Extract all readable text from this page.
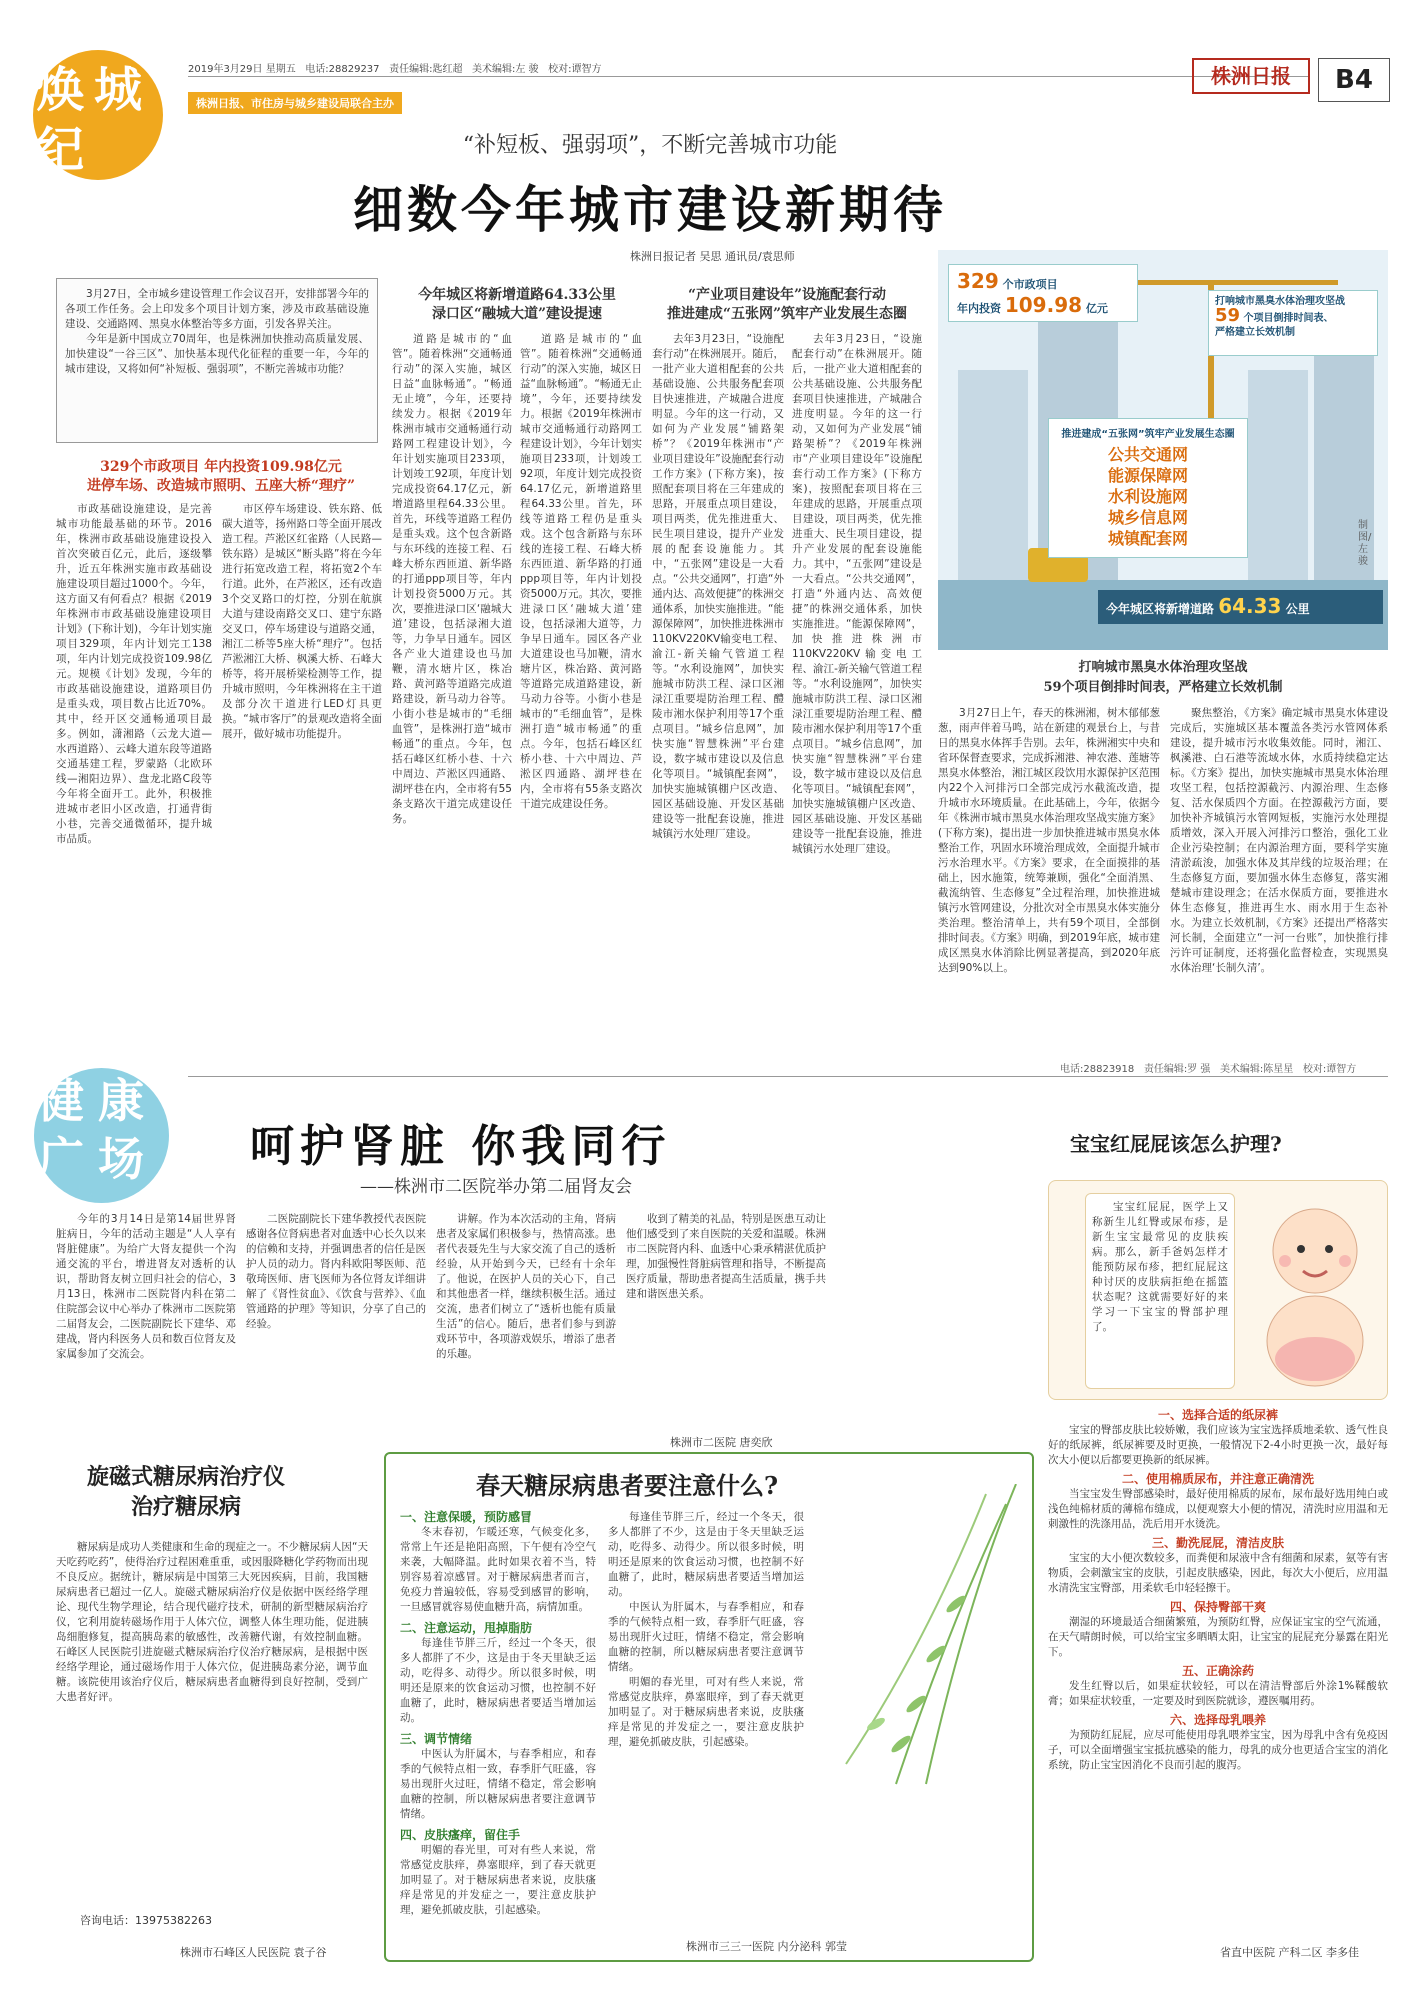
焕 城
纪
2019年3月29日 星期五 电话:28829237 责任编辑:匙红超 美术编辑:左 骏 校对:谭智方
株洲日报、市住房与城乡建设局联合主办
株洲日报	B4
“补短板、强弱项”，不断完善城市功能
细数今年城市建设新期待
株洲日报记者 吴思 通讯员/袁思师

3月27日，全市城乡建设管理工作会议召开，安排部署今年的各项工作任务。会上印发多个项目计划方案，涉及市政基础设施建设、交通路网、黑臭水体整治等多方面，引发各界关注。

今年是新中国成立70周年，也是株洲加快推动高质量发展、加快建设“一谷三区”、加快基本现代化征程的重要一年，今年的城市建设，又将如何“补短板、强弱项”，不断完善城市功能？

329个市政项目 年内投资109.98亿元
进停车场、改造城市照明、五座大桥“理疗”

市政基础设施建设，是完善城市功能最基础的环节。2016年，株洲市政基础设施建设投入首次突破百亿元，此后，逐级攀升，近五年株洲实施市政基础设施建设项目超过1000个。今年，这方面又有何看点？根据《2019年株洲市市政基础设施建设项目计划》(下称计划)，今年计划实施项目329项，年内计划完工138项，年内计划完成投资109.98亿元。规模《计划》发现，今年的市政基础设施建设，道路项目仍是重头戏，项目数占比近70%。其中，经开区交通畅通项目最多。例如，潇湘路（云龙大道—水西道路）、云峰大道东段等道路交通基建工程，罗蒙路（北欧环线—湘阳边界）、盘龙北路C段等今年将全面开工。此外，积极推进城市老旧小区改造，打通背街小巷，完善交通微循环，提升城市品质。

市区停车场建设、铁东路、低碳大道等，扬州路口等全面开展改造工程。芦淞区红雀路（人民路—铁东路）是城区“断头路”将在今年进行拓宽改造工程，将拓宽2个车行道。此外，在芦淞区，还有改造3个交叉路口的灯控，分别在航旗大道与建设南路交叉口、建宁东路交叉口，停车场建设与道路交通，湘江二桥等5座大桥“理疗”。包括芦淞湘江大桥、枫溪大桥、石峰大桥等，将开展桥梁检测等工作，提升城市照明，今年株洲将在主干道及部分次干道进行LED灯具更换。“城市客厅”的景观改造将全面展开，做好城市功能提升。

今年城区将新增道路64.33公里
渌口区“融城大道”建设提速

道路是城市的“血管”。随着株洲“交通畅通行动”的深入实施，城区日益“血脉畅通”。“畅通无止境”，今年，还要持续发力。根据《2019年株洲市城市交通畅通行动路网工程建设计划》，今年计划实施项目233项，计划竣工92项，年度计划完成投资64.17亿元，新增道路里程64.33公里。首先，环线等道路工程仍是重头戏。这个包含新路与东环线的连接工程、石峰大桥东西匝道、新华路的打通ppp项目等，年内计划投资5000万元。其次，要推进渌口区‘融城大道’建设，包括渌湘大道等，力争早日通车。园区各产业大道建设也马加鞭，清水塘片区，株冶路、黄河路等道路完成道路建设，新马动力谷等。小街小巷是城市的“毛细血管”，是株洲打造“城市畅通”的重点。今年，包括石峰区红桥小巷、十六中周边、芦淞区四通路、湖坪巷在内，全市将有55条支路次干道完成建设任务。

道路是城市的“血管”。随着株洲“交通畅通行动”的深入实施，城区日益“血脉畅通”。“畅通无止境”，今年，还要持续发力。根据《2019年株洲市城市交通畅通行动路网工程建设计划》，今年计划实施项目233项，计划竣工92项，年度计划完成投资64.17亿元，新增道路里程64.33公里。首先，环线等道路工程仍是重头戏。这个包含新路与东环线的连接工程、石峰大桥东西匝道、新华路的打通ppp项目等，年内计划投资5000万元。其次，要推进渌口区‘融城大道’建设，包括渌湘大道等，力争早日通车。园区各产业大道建设也马加鞭，清水塘片区，株冶路、黄河路等道路完成道路建设，新马动力谷等。小街小巷是城市的“毛细血管”，是株洲打造“城市畅通”的重点。今年，包括石峰区红桥小巷、十六中周边、芦淞区四通路、湖坪巷在内，全市将有55条支路次干道完成建设任务。

“产业项目建设年”设施配套行动
推进建成“五张网”筑牢产业发展生态圈

去年3月23日，“设施配套行动”在株洲展开。随后，一批产业大道相配套的公共基础设施、公共服务配套项目快速推进，产城融合进度明显。今年的这一行动，又如何为产业发展“铺路架桥”？《2019年株洲市“产业项目建设年”设施配套行动工作方案》(下称方案)，按照配套项目将在三年建成的思路，开展重点项目建设，项目两类，优先推进重大、民生项目建设，提升产业发展的配套设施能力。其中，“五张网”建设是一大看点。“公共交通网”，打造“外通内达、高效便捷”的株洲交通体系，加快实施推进。“能源保障网”，加快推进株洲市110KV220KV输变电工程、渝江-新关输气管道工程等。“水利设施网”，加快实施城市防洪工程、渌口区湘渌江重要堤防治理工程、醴陵市湘水保护利用等17个重点项目。“城乡信息网”，加快实施“智慧株洲”平台建设，数字城市建设以及信息化等项目。“城镇配套网”，加快实施城镇棚户区改造、园区基础设施、开发区基础建设等一批配套设施，推进城镇污水处理厂建设。

去年3月23日，“设施配套行动”在株洲展开。随后，一批产业大道相配套的公共基础设施、公共服务配套项目快速推进，产城融合进度明显。今年的这一行动，又如何为产业发展“铺路架桥”？《2019年株洲市“产业项目建设年”设施配套行动工作方案》(下称方案)，按照配套项目将在三年建成的思路，开展重点项目建设，项目两类，优先推进重大、民生项目建设，提升产业发展的配套设施能力。其中，“五张网”建设是一大看点。“公共交通网”，打造“外通内达、高效便捷”的株洲交通体系，加快实施推进。“能源保障网”，加快推进株洲市110KV220KV输变电工程、渝江-新关输气管道工程等。“水利设施网”，加快实施城市防洪工程、渌口区湘渌江重要堤防治理工程、醴陵市湘水保护利用等17个重点项目。“城乡信息网”，加快实施“智慧株洲”平台建设，数字城市建设以及信息化等项目。“城镇配套网”，加快实施城镇棚户区改造、园区基础设施、开发区基础建设等一批配套设施，推进城镇污水处理厂建设。

329 个市政项目
年内投资 109.98 亿元
打响城市黑臭水体治理攻坚战
59 个项目倒排时间表、
严格建立长效机制
推进建成“五张网”筑牢产业发展生态圈
公共交通网
能源保障网
水利设施网
城乡信息网
城镇配套网
今年城区将新增道路 64.33 公里
制图/左骏
打响城市黑臭水体治理攻坚战
59个项目倒排时间表，严格建立长效机制

3月27日上午，春天的株洲湘，树木郁郁葱葱，雨声伴着马鸣，站在新建的观景台上，与昔日的黑臭水体挥手告别。去年，株洲湘实中央和省环保督查要求，完成拆湘港、神农港、莲塘等黑臭水体整治，湘江城区段饮用水源保护区范围内22个入河排污口全部完成污水截流改造，提升城市水环境质量。在此基础上，今年，依据今年《株洲市城市黑臭水体治理攻坚战实施方案》(下称方案)，提出进一步加快推进城市黑臭水体整治工作，巩固水环境治理成效，全面提升城市污水治理水平。《方案》要求，在全面摸排的基础上，因水施策，统筹兼顾，强化“全面消黑、截流纳管、生态修复”全过程治理，加快推进城镇污水管网建设，分批次对全市黑臭水体实施分类治理。整治清单上，共有59个项目，全部倒排时间表。《方案》明确，到2019年底，城市建成区黑臭水体消除比例显著提高，到2020年底达到90%以上。

聚焦整治，《方案》确定城市黑臭水体建设完成后，实施城区基本覆盖各类污水管网体系建设，提升城市污水收集效能。同时，湘江、枫溪港、白石港等流域水体，水质持续稳定达标。《方案》提出，加快实施城市黑臭水体治理攻坚工程，包括控源截污、内源治理、生态修复、活水保质四个方面。在控源截污方面，要加快补齐城镇污水管网短板，实施污水处理提质增效，深入开展入河排污口整治，强化工业企业污染控制；在内源治理方面，要科学实施清淤疏浚，加强水体及其岸线的垃圾治理；在生态修复方面，要加强水体生态修复，落实湘楚城市建设理念；在活水保质方面，要推进水体生态修复，推进再生水、雨水用于生态补水。为建立长效机制，《方案》还提出严格落实河长制，全面建立“一河一台账”，加快推行排污许可证制度，还将强化监督检查，实现黑臭水体治理‘长制久清’。

电话:28823918 责任编辑:罗 强 美术编辑:陈星星 校对:谭智方
健 康
广 场 呵护肾脏 你我同行
——株洲市二医院举办第二届肾友会

今年的3月14日是第14届世界肾脏病日，今年的活动主题是“人人享有肾脏健康”。为给广大肾友提供一个沟通交流的平台，增进肾友对透析的认识，帮助肾友树立回归社会的信心，3月13日，株洲市二医院肾内科在第二住院部会议中心举办了株洲市二医院第二届肾友会，二医院副院长下建华、邓建战，肾内科医务人员和数百位肾友及家属参加了交流会。

二医院副院长下建华教授代表医院感谢各位肾病患者对血透中心长久以来的信赖和支持，并强调患者的信任是医护人员的动力。肾内科欧阳琴医师、范敬琦医师、唐飞医师为各位肾友详细讲解了《肾性贫血》、《饮食与营养》、《血管通路的护理》等知识，分享了自己的经验。

讲解。作为本次活动的主角，肾病患者及家属们积极参与，热情高涨。患者代表聂先生与大家交流了自己的透析经验，从开始到今天，已经有十余年了。他说，在医护人员的关心下，自己和其他患者一样，继续积极生活。通过交流，患者们树立了“透析也能有质量生活”的信心。随后，患者们参与到游戏环节中，各项游戏娱乐，增添了患者的乐趣。

收到了精美的礼品，特别是医患互动让他们感受到了来自医院的关爱和温暖。株洲市二医院肾内科、血透中心秉承精湛优质护理，加强慢性肾脏病管理和指导，不断提高医疗质量，帮助患者提高生活质量，携手共建和谐医患关系。

株洲市二医院 唐奕欣
宝宝红屁屁该怎么护理?

宝宝红屁屁，医学上又称新生儿红臀或尿布疹，是新生宝宝最常见的皮肤疾病。那么，新手爸妈怎样才能预防尿布疹，把红屁屁这种讨厌的皮肤病拒绝在摇篮状态呢？这就需要好好的来学习一下宝宝的臀部护理了。

一、选择合适的纸尿裤

宝宝的臀部皮肤比较娇嫩，我们应该为宝宝选择质地柔软、透气性良好的纸尿裤，纸尿裤要及时更换，一般情况下2-4小时更换一次，最好每次大小便以后都要更换新的纸尿裤。

二、使用棉质尿布，并注意正确清洗

当宝宝发生臀部感染时，最好使用棉质的尿布，尿布最好选用纯白或浅色纯棉材质的薄棉布缝成，以便观察大小便的情况，清洗时应用温和无刺激性的洗涤用品，洗后用开水烫洗。

三、勤洗屁屁，清洁皮肤

宝宝的大小便次数较多，而粪便和尿液中含有细菌和尿素，氨等有害物质，会刺激宝宝的皮肤，引起皮肤感染，因此，每次大小便后，应用温水清洗宝宝臀部，用柔软毛巾轻轻擦干。

四、保持臀部干爽

潮湿的环境最适合细菌繁殖，为预防红臀，应保证宝宝的空气流通，在天气晴朗时候，可以给宝宝多晒晒太阳，让宝宝的屁屁充分暴露在阳光下。

五、正确涂药

发生红臀以后，如果症状较轻，可以在清洁臀部后外涂1%鞣酸软膏；如果症状较重，一定要及时到医院就诊，遵医嘱用药。

六、选择母乳喂养

为预防红屁屁，应尽可能使用母乳喂养宝宝，因为母乳中含有免疫因子，可以全面增强宝宝抵抗感染的能力，母乳的成分也更适合宝宝的消化系统，防止宝宝因消化不良而引起的腹泻。

省直中医院 产科二区 李多佳
旋磁式糖尿病治疗仪
治疗糖尿病

糖尿病是成功人类健康和生命的现症之一。不少糖尿病人因“天天吃药吃药”，使得治疗过程困难重重，或因服降糖化学药物而出现不良反应。据统计，糖尿病是中国第三大死因疾病，目前，我国糖尿病患者已超过一亿人。旋磁式糖尿病治疗仪是依据中医经络学理论、现代生物学理论，结合现代磁疗技术，研制的新型糖尿病治疗仪，它利用旋转磁场作用于人体穴位，调整人体生理功能，促进胰岛细胞修复，提高胰岛素的敏感性，改善糖代谢，有效控制血糖。石峰区人民医院引进旋磁式糖尿病治疗仪治疗糖尿病，是根据中医经络学理论，通过磁场作用于人体穴位，促进胰岛素分泌，调节血糖。该院使用该治疗仪后，糖尿病患者血糖得到良好控制，受到广大患者好评。

咨询电话：13975382263
株洲市石峰区人民医院 袁子谷
春天糖尿病患者要注意什么?
一、注意保暖，预防感冒

冬末春初，乍暖还寒，气候变化多，常常上午还是艳阳高照，下午便有冷空气来袭，大幅降温。此时如果衣着不当，特别容易着凉感冒。对于糖尿病患者而言，免疫力普遍较低，容易受到感冒的影响，一旦感冒就容易使血糖升高，病情加重。

二、注意运动，甩掉脂肪

每逢佳节胖三斤，经过一个冬天，很多人都胖了不少，这是由于冬天里缺乏运动，吃得多、动得少。所以很多时候，明明还是原来的饮食运动习惯，也控制不好血糖了，此时，糖尿病患者要适当增加运动。

三、调节情绪

中医认为肝属木，与春季相应，和春季的气候特点相一致，春季肝气旺盛，容易出现肝火过旺，情绪不稳定，常会影响血糖的控制，所以糖尿病患者要注意调节情绪。

四、皮肤瘙痒，留住手

明媚的春光里，可对有些人来说，常常感觉皮肤痒，鼻塞眼痒，到了春天就更加明显了。对于糖尿病患者来说，皮肤瘙痒是常见的并发症之一，要注意皮肤护理，避免抓破皮肤，引起感染。

每逢佳节胖三斤，经过一个冬天，很多人都胖了不少，这是由于冬天里缺乏运动，吃得多、动得少。所以很多时候，明明还是原来的饮食运动习惯，也控制不好血糖了，此时，糖尿病患者要适当增加运动。

中医认为肝属木，与春季相应，和春季的气候特点相一致，春季肝气旺盛，容易出现肝火过旺，情绪不稳定，常会影响血糖的控制，所以糖尿病患者要注意调节情绪。

明媚的春光里，可对有些人来说，常常感觉皮肤痒，鼻塞眼痒，到了春天就更加明显了。对于糖尿病患者来说，皮肤瘙痒是常见的并发症之一，要注意皮肤护理，避免抓破皮肤，引起感染。

株洲市三三一医院 内分泌科 郭莹
